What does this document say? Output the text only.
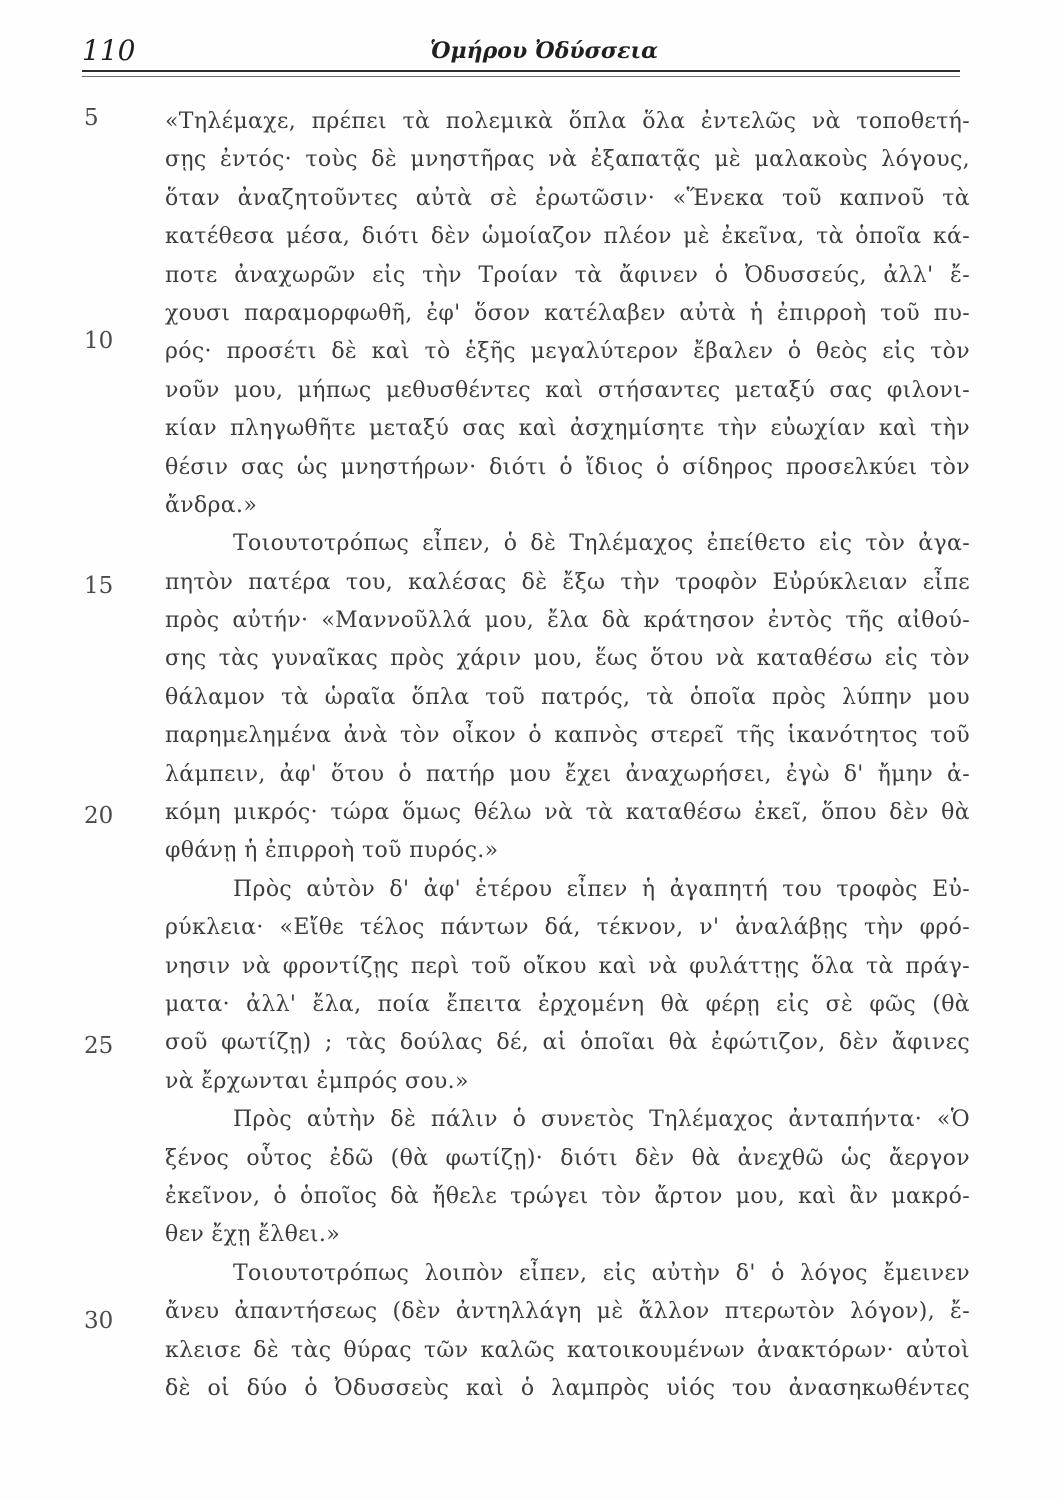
110	Ὁμήρου Ὀδύσσεια
5
10
15
20
25
30
«Τηλέμαχε, πρέπει τὰ πολεμικὰ ὅπλα ὅλα ἐντελῶς νὰ τοποθετή-
σῃς ἐντός· τοὺς δὲ μνηστῆρας νὰ ἐξαπατᾷς μὲ μαλακοὺς λόγους,
ὅταν ἀναζητοῦντες αὐτὰ σὲ ἐρωτῶσιν· «Ἕνεκα τοῦ καπνοῦ τὰ
κατέθεσα μέσα, διότι δὲν ὡμοίαζον πλέον μὲ ἐκεῖνα, τὰ ὁποῖα κά-
ποτε ἀναχωρῶν εἰς τὴν Τροίαν τὰ ἄφινεν ὁ Ὀδυσσεύς, ἀλλ' ἔ-
χουσι παραμορφωθῆ, ἐφ' ὅσον κατέλαβεν αὐτὰ ἡ ἐπιρροὴ τοῦ πυ-
ρός· προσέτι δὲ καὶ τὸ ἑξῆς μεγαλύτερον ἔβαλεν ὁ θεὸς εἰς τὸν
νοῦν μου, μήπως μεθυσθέντες καὶ στήσαντες μεταξύ σας φιλονι-
κίαν πληγωθῆτε μεταξύ σας καὶ ἀσχημίσητε τὴν εὐωχίαν καὶ τὴν
θέσιν σας ὡς μνηστήρων· διότι ὁ ἴδιος ὁ σίδηρος προσελκύει τὸν
ἄνδρα.»
Τοιουτοτρόπως εἶπεν, ὁ δὲ Τηλέμαχος ἐπείθετο εἰς τὸν ἀγα-
πητὸν πατέρα του, καλέσας δὲ ἔξω τὴν τροφὸν Εὐρύκλειαν εἶπε
πρὸς αὐτήν· «Μαννοῦλλά μου, ἔλα δὰ κράτησον ἐντὸς τῆς αἰθού-
σης τὰς γυναῖκας πρὸς χάριν μου, ἕως ὅτου νὰ καταθέσω εἰς τὸν
θάλαμον τὰ ὡραῖα ὅπλα τοῦ πατρός, τὰ ὁποῖα πρὸς λύπην μου
παρημελημένα ἀνὰ τὸν οἶκον ὁ καπνὸς στερεῖ τῆς ἱκανότητος τοῦ
λάμπειν, ἀφ' ὅτου ὁ πατήρ μου ἔχει ἀναχωρήσει, ἐγὼ δ' ἤμην ἀ-
κόμη μικρός· τώρα ὅμως θέλω νὰ τὰ καταθέσω ἐκεῖ, ὅπου δὲν θὰ
φθάνῃ ἡ ἐπιρροὴ τοῦ πυρός.»
Πρὸς αὐτὸν δ' ἀφ' ἑτέρου εἶπεν ἡ ἀγαπητή του τροφὸς Εὐ-
ρύκλεια· «Εἴθε τέλος πάντων δά, τέκνον, ν' ἀναλάβῃς τὴν φρό-
νησιν νὰ φροντίζῃς περὶ τοῦ οἴκου καὶ νὰ φυλάττῃς ὅλα τὰ πράγ-
ματα· ἀλλ' ἔλα, ποία ἔπειτα ἐρχομένη θὰ φέρῃ εἰς σὲ φῶς (θὰ
σοῦ φωτίζῃ) ; τὰς δούλας δέ, αἱ ὁποῖαι θὰ ἐφώτιζον, δὲν ἄφινες
νὰ ἔρχωνται ἐμπρός σου.»
Πρὸς αὐτὴν δὲ πάλιν ὁ συνετὸς Τηλέμαχος ἀνταπήντα· «Ὁ
ξένος οὗτος ἐδῶ (θὰ φωτίζῃ)· διότι δὲν θὰ ἀνεχθῶ ὡς ἄεργον
ἐκεῖνον, ὁ ὁποῖος δὰ ἤθελε τρώγει τὸν ἄρτον μου, καὶ ἂν μακρό-
θεν ἔχῃ ἔλθει.»
Τοιουτοτρόπως λοιπὸν εἶπεν, εἰς αὐτὴν δ' ὁ λόγος ἔμεινεν
ἄνευ ἀπαντήσεως (δὲν ἀντηλλάγη μὲ ἄλλον πτερωτὸν λόγον), ἔ-
κλεισε δὲ τὰς θύρας τῶν καλῶς κατοικουμένων ἀνακτόρων· αὐτοὶ
δὲ οἱ δύο ὁ Ὀδυσσεὺς καὶ ὁ λαμπρὸς υἱός του ἀνασηκωθέντες
